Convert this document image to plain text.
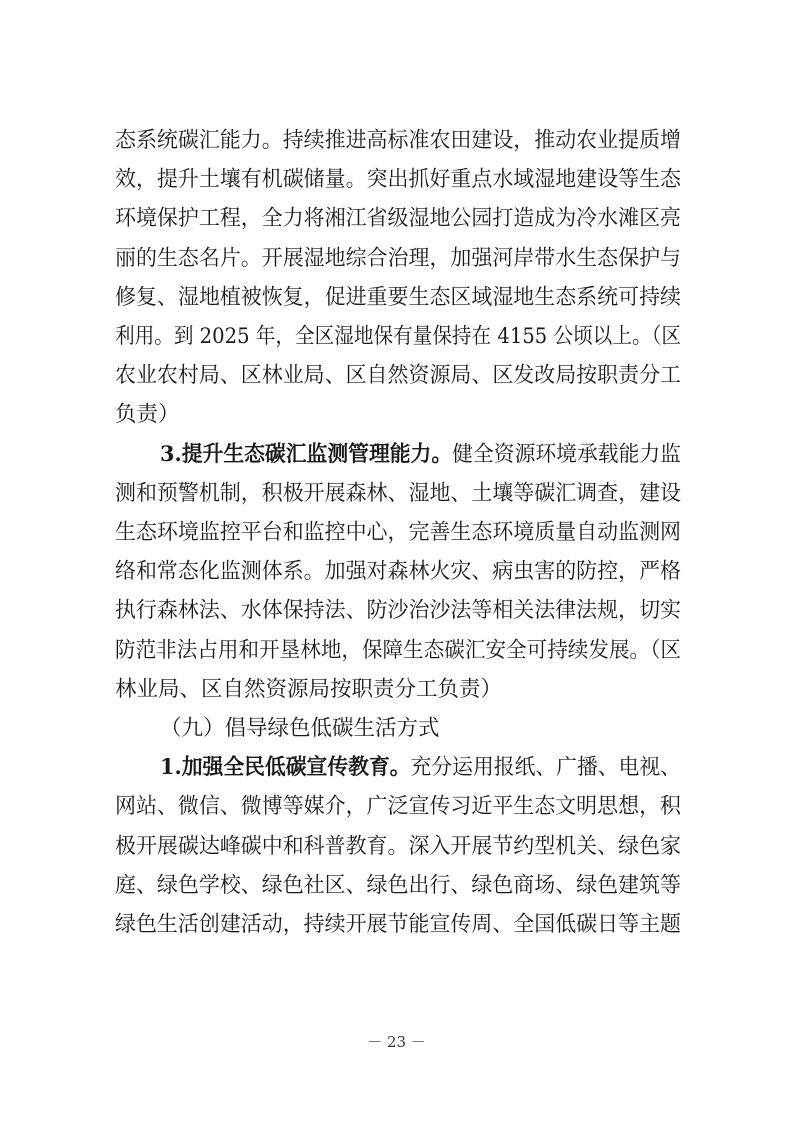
态系统碳汇能力。持续推进高标准农田建设，推动农业提质增
效，提升土壤有机碳储量。突出抓好重点水域湿地建设等生态
环境保护工程，全力将湘江省级湿地公园打造成为冷水滩区亮
丽的生态名片。开展湿地综合治理，加强河岸带水生态保护与
修复、湿地植被恢复，促进重要生态区域湿地生态系统可持续
利用。到 2025 年，全区湿地保有量保持在 4155 公顷以上。（区
农业农村局、区林业局、区自然资源局、区发改局按职责分工
负责）
3.提升生态碳汇监测管理能力。健全资源环境承载能力监
测和预警机制，积极开展森林、湿地、土壤等碳汇调查，建设
生态环境监控平台和监控中心，完善生态环境质量自动监测网
络和常态化监测体系。加强对森林火灾、病虫害的防控，严格
执行森林法、水体保持法、防沙治沙法等相关法律法规，切实
防范非法占用和开垦林地，保障生态碳汇安全可持续发展。（区
林业局、区自然资源局按职责分工负责）
（九）倡导绿色低碳生活方式
1.加强全民低碳宣传教育。充分运用报纸、广播、电视、
网站、微信、微博等媒介，广泛宣传习近平生态文明思想，积
极开展碳达峰碳中和科普教育。深入开展节约型机关、绿色家
庭、绿色学校、绿色社区、绿色出行、绿色商场、绿色建筑等
绿色生活创建活动，持续开展节能宣传周、全国低碳日等主题
－ 23 －
